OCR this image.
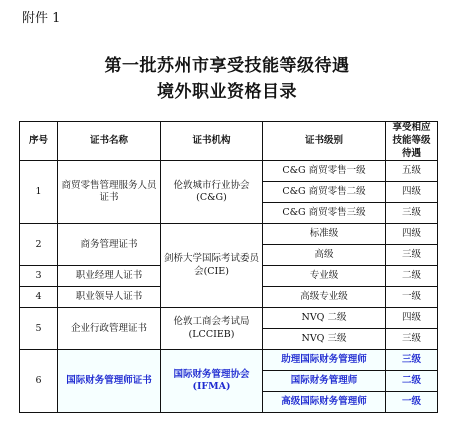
附件 1
第一批苏州市享受技能等级待遇
境外职业资格目录
序号	证书名称	证书机构	证书级别	享受相应技能等级待遇
1	商贸零售管理服务人员证书	伦敦城市行业协会(C&G)	C&G 商贸零售一级	五级
			C&G 商贸零售二级	四级
			C&G 商贸零售三级	三级
2	商务管理证书	剑桥大学国际考试委员会(CIE)	标准级	四级
			高级	三级
3	职业经理人证书		专业级	二级
4	职业领导人证书		高级专业级	一级
5	企业行政管理证书	伦敦工商会考试局(LCCIEB)	NVQ 二级	四级
			NVQ 三级	三级
6	国际财务管理师证书	国际财务管理协会(IFMA)	助理国际财务管理师	三级
			国际财务管理师	二级
			高级国际财务管理师	一级
